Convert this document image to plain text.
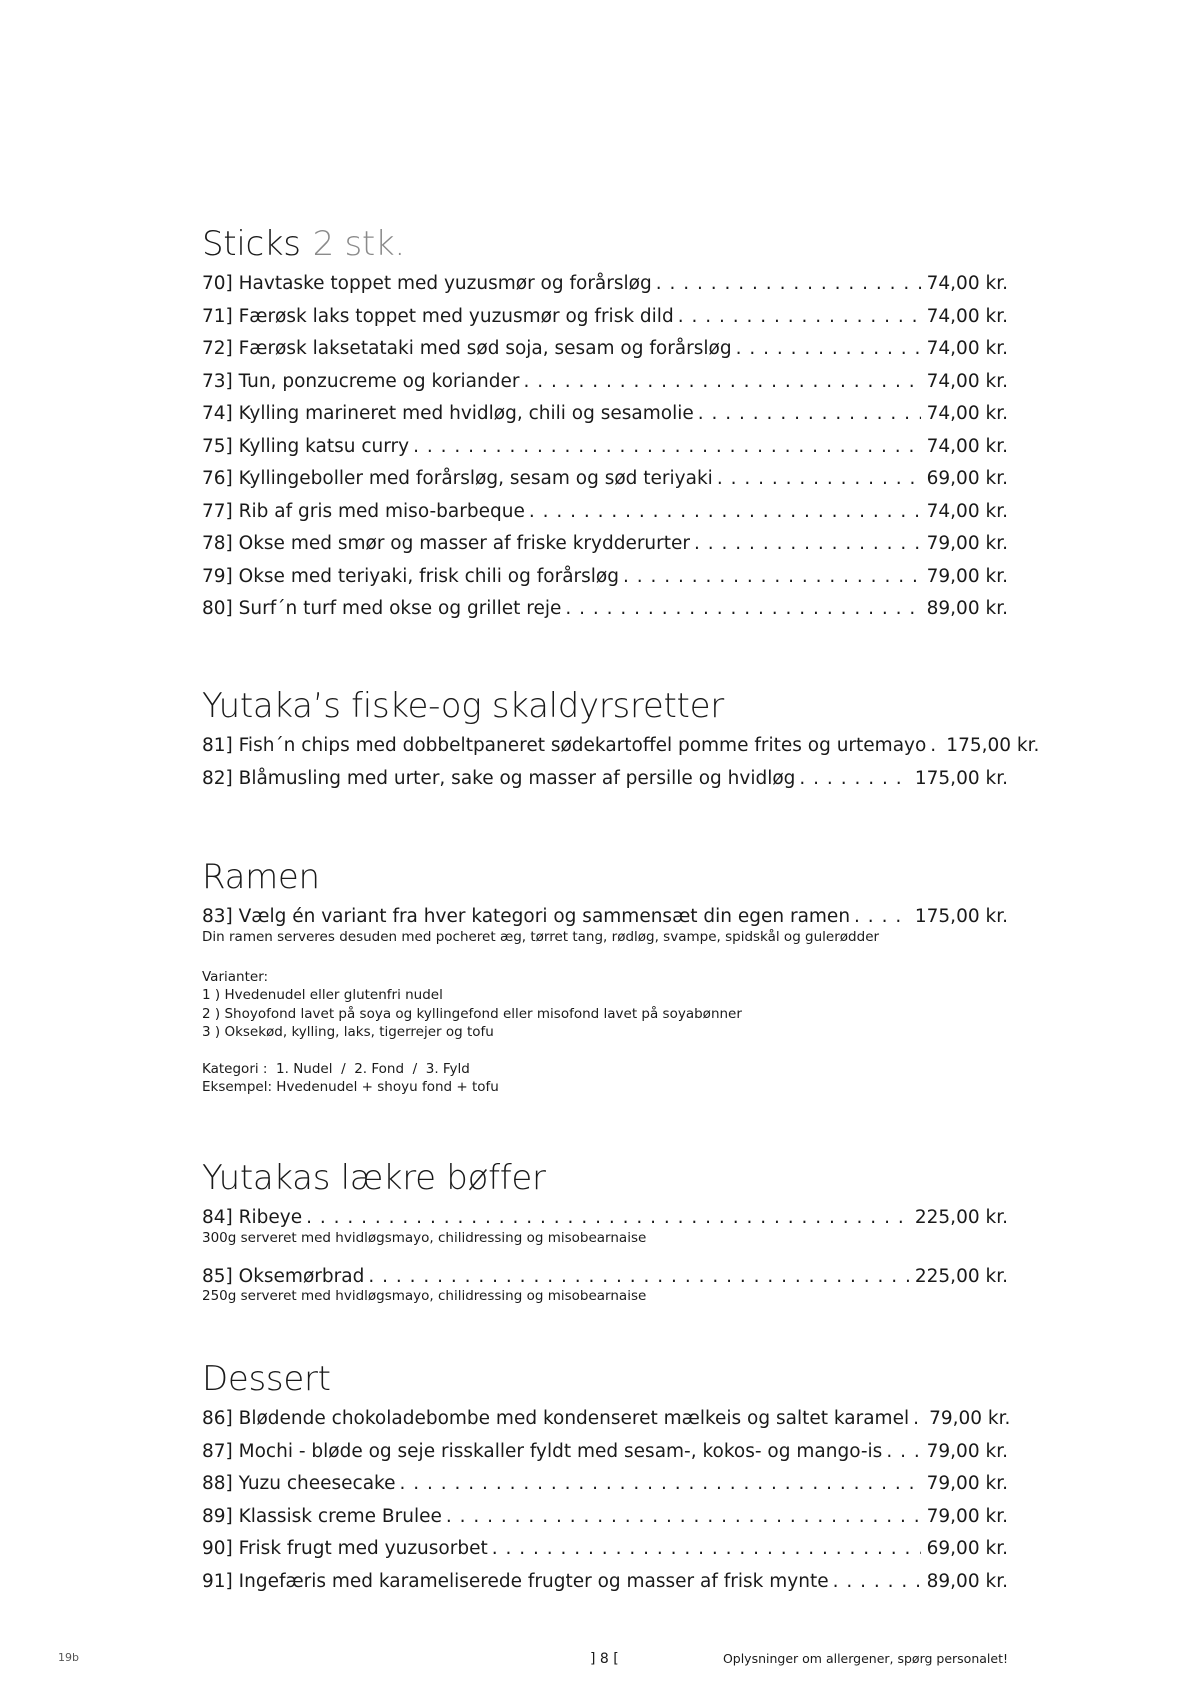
Sticks 2 stk.
70] Havtaske toppet med yuzusmør og forårsløg . . .	74,00 kr.
71] Færøsk laks toppet med yuzusmør og frisk dild . . .	74,00 kr.
72] Færøsk laksetataki med sød soja, sesam og forårsløg . . .	74,00 kr.
73] Tun, ponzucreme og koriander . . .	74,00 kr.
74] Kylling marineret med hvidløg, chili og sesamolie . . .	74,00 kr.
75] Kylling katsu curry . . .	74,00 kr.
76] Kyllingeboller med forårsløg, sesam og sød teriyaki . . .	69,00 kr.
77] Rib af gris med miso-barbeque . . .	74,00 kr.
78] Okse med smør og masser af friske krydderurter . . .	79,00 kr.
79] Okse med teriyaki, frisk chili og forårsløg . . .	79,00 kr.
80] Surf´n turf med okse og grillet reje . . .	89,00 kr.
Yutaka’s fiske-og skaldyrsretter
81] Fish´n chips med dobbeltpaneret sødekartoffel pomme frites og urtemayo . . .	175,00 kr.
82] Blåmusling med urter, sake og masser af persille og hvidløg . . .	175,00 kr.
Ramen
83] Vælg én variant fra hver kategori og sammensæt din egen ramen . . .	175,00 kr.
Din ramen serveres desuden med pocheret æg, tørret tang, rødløg, svampe, spidskål og gulerødder
Varianter:
1 ) Hvedenudel eller glutenfri nudel
2 ) Shoyofond lavet på soya og kyllingefond eller misofond lavet på soyabønner
3 ) Oksekød, kylling, laks, tigerrejer og tofu
Kategori :  1. Nudel  /  2. Fond  /  3. Fyld
Eksempel: Hvedenudel + shoyu fond + tofu
Yutakas lækre bøffer
84] Ribeye . . .	225,00 kr.
300g serveret med hvidløgsmayo, chilidressing og misobearnaise
85] Oksemørbrad . . .	225,00 kr.
250g serveret med hvidløgsmayo, chilidressing og misobearnaise
Dessert
86] Blødende chokoladebombe med kondenseret mælkeis og saltet karamel . . .	79,00 kr.
87] Mochi - bløde og seje risskaller fyldt med sesam-, kokos- og mango-is . . .	79,00 kr.
88] Yuzu cheesecake . . .	79,00 kr.
89] Klassisk creme Brulee . . .	79,00 kr.
90] Frisk frugt med yuzusorbet . . .	69,00 kr.
91] Ingefæris med karameliserede frugter og masser af frisk mynte . . .	89,00 kr.
19b	] 8 [	Oplysninger om allergener, spørg personalet!
